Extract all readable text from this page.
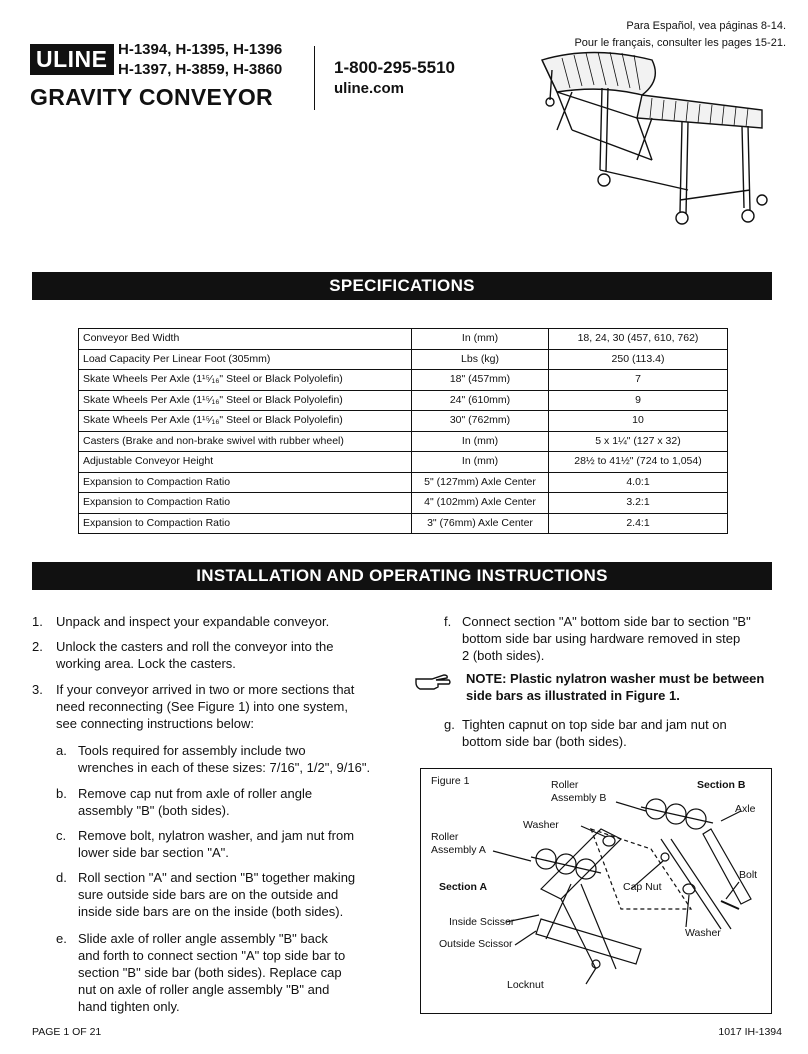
Para Español, vea páginas 8-14.
Pour le français, consulter les pages 15-21.
ULINE H-1394, H-1395, H-1396
H-1397, H-3859, H-3860
GRAVITY CONVEYOR
1-800-295-5510
uline.com
SPECIFICATIONS
Conveyor Bed Width	In (mm)	18, 24, 30 (457, 610, 762)
Load Capacity Per Linear Foot (305mm)	Lbs (kg)	250 (113.4)
Skate Wheels Per Axle (1¹⁵⁄₁₆" Steel or Black Polyolefin)	18" (457mm)	7
Skate Wheels Per Axle (1¹⁵⁄₁₆" Steel or Black Polyolefin)	24" (610mm)	9
Skate Wheels Per Axle (1¹⁵⁄₁₆" Steel or Black Polyolefin)	30" (762mm)	10
Casters (Brake and non-brake swivel with rubber wheel)	In (mm)	5 x 1¼" (127 x 32)
Adjustable Conveyor Height	In (mm)	28½ to 41½" (724 to 1,054)
Expansion to Compaction Ratio	5" (127mm) Axle Center	4.0:1
Expansion to Compaction Ratio	4" (102mm) Axle Center	3.2:1
Expansion to Compaction Ratio	3" (76mm) Axle Center	2.4:1
INSTALLATION AND OPERATING INSTRUCTIONS
1. Unpack and inspect your expandable conveyor.
2. Unlock the casters and roll the conveyor into the
working area. Lock the casters.
3. If your conveyor arrived in two or more sections that
need reconnecting (See Figure 1) into one system,
see connecting instructions below:
a. Tools required for assembly include two
wrenches in each of these sizes: 7/16", 1/2", 9/16".
b. Remove cap nut from axle of roller angle
assembly "B" (both sides).
c. Remove bolt, nylatron washer, and jam nut from
lower side bar section "A".
d. Roll section "A" and section "B" together making
sure outside side bars are on the outside and
inside side bars are on the inside (both sides).
e. Slide axle of roller angle assembly "B" back
and forth to connect section "A" top side bar to
section "B" side bar (both sides). Replace cap
nut on axle of roller angle assembly "B" and
hand tighten only.
f. Connect section "A" bottom side bar to section "B"
bottom side bar using hardware removed in step
2 (both sides).
g. Tighten capnut on top side bar and jam nut on
bottom side bar (both sides).
NOTE: Plastic nylatron washer must be between
side bars as illustrated in Figure 1.
Figure 1	Roller
Assembly B
Section B
Axle
Washer
Roller
Assembly A
Section A	Cap Nut
Bolt
Inside Scissor
Washer
Outside Scissor
Locknut
PAGE 1 OF 21	1017 IH-1394
